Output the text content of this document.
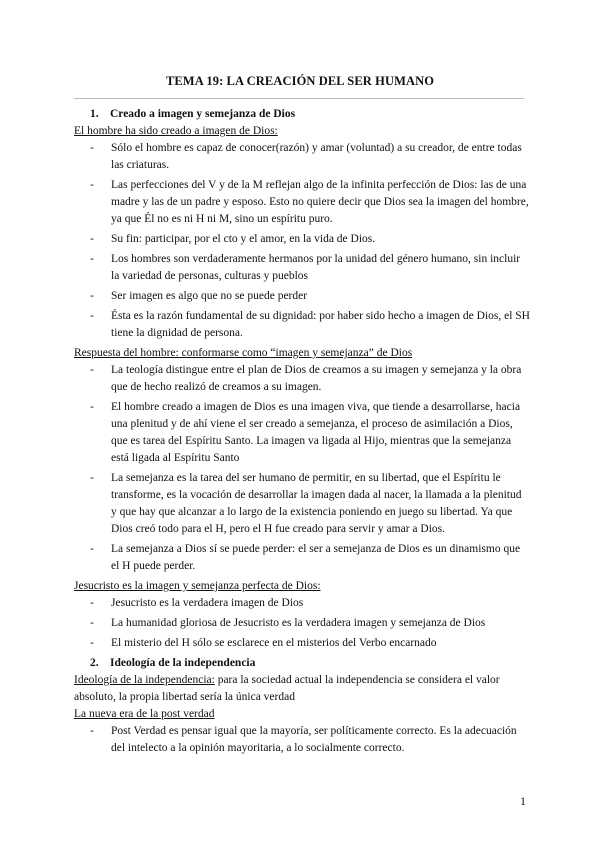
TEMA 19: LA CREACIÓN DEL SER HUMANO

1. Creado a imagen y semejanza de Dios

El hombre ha sido creado a imagen de Dios:

- Sólo el hombre es capaz de conocer(razón) y amar (voluntad) a su creador, de entre todas las criaturas.
- Las perfecciones del V y de la M reflejan algo de la infinita perfección de Dios: las de una madre y las de un padre y esposo. Esto no quiere decir que Dios sea la imagen del hombre, ya que Él no es ni H ni M, sino un espíritu puro.
- Su fin: participar, por el cto y el amor, en la vida de Dios.
- Los hombres son verdaderamente hermanos por la unidad del género humano, sin incluir la variedad de personas, culturas y pueblos
- Ser imagen es algo que no se puede perder
- Ésta es la razón fundamental de su dignidad: por haber sido hecho a imagen de Dios, el SH tiene la dignidad de persona.

Respuesta del hombre: conformarse como “imagen y semejanza” de Dios

- La teología distingue entre el plan de Dios de creamos a su imagen y semejanza y la obra que de hecho realizó de creamos a su imagen.
- El hombre creado a imagen de Dios es una imagen viva, que tiende a desarrollarse, hacia una plenitud y de ahí viene el ser creado a semejanza, el proceso de asimilación a Dios, que es tarea del Espíritu Santo. La imagen va ligada al Hijo, mientras que la semejanza está ligada al Espíritu Santo
- La semejanza es la tarea del ser humano de permitir, en su libertad, que el Espíritu le transforme, es la vocación de desarrollar la imagen dada al nacer, la llamada a la plenitud y que hay que alcanzar a lo largo de la existencia poniendo en juego su libertad. Ya que Dios creó todo para el H, pero el H fue creado para servir y amar a Dios.
- La semejanza a Dios sí se puede perder: el ser a semejanza de Dios es un dinamismo que el H puede perder.

Jesucristo es la imagen y semejanza perfecta de Dios:

- Jesucristo es la verdadera imagen de Dios
- La humanidad gloriosa de Jesucristo es la verdadera imagen y semejanza de Dios
- El misterio del H sólo se esclarece en el misterios del Verbo encarnado

2. Ideología de la independencia

Ideología de la independencia: para la sociedad actual la independencia se considera el valor absoluto, la propia libertad sería la única verdad

La nueva era de la post verdad

- Post Verdad es pensar igual que la mayoría, ser políticamente correcto. Es la adecuación del intelecto a la opinión mayoritaria, a lo socialmente correcto.
1
